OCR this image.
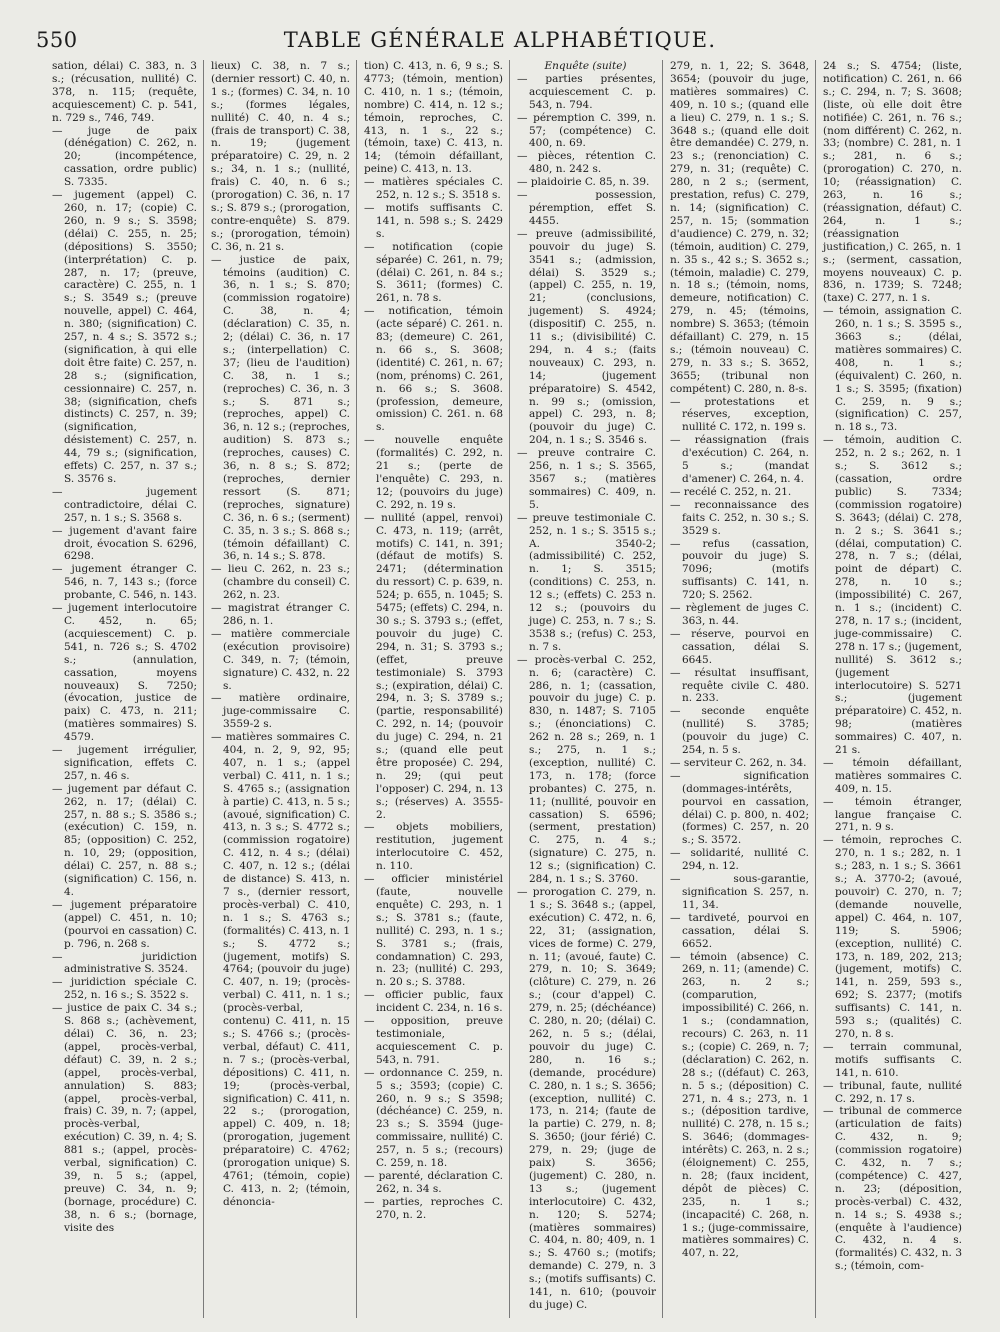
550	TABLE GÉNÉRALE ALPHABÉTIQUE.

sation, délai) C. 383, n. 3 s.; (récusation, nullité) C. 378, n. 115; (requête, acquiescement) C. p. 541, n. 729 s., 746, 749.

— juge de paix (dénégation) C. 262, n. 20; (incompétence, cassation, ordre public) S. 7335.

— jugement (appel) C. 260, n. 17; (copie) C. 260, n. 9 s.; S. 3598; (délai) C. 255, n. 25; (dépositions) S. 3550; (interprétation) C. p. 287, n. 17; (preuve, caractère) C. 255, n. 1 s.; S. 3549 s.; (preuve nouvelle, appel) C. 464, n. 380; (signification) C. 257, n. 4 s.; S. 3572 s.; (signification, à qui elle doit être faite) C. 257, n. 28 s.; (signification, cessionnaire) C. 257, n. 38; (signification, chefs distincts) C. 257, n. 39; (signification, désistement) C. 257, n. 44, 79 s.; (signification, effets) C. 257, n. 37 s.; S. 3576 s.

— jugement contradictoire, délai C. 257, n. 1 s.; S. 3568 s.

— jugement d'avant faire droit, évocation S. 6296, 6298.

— jugement étranger C. 546, n. 7, 143 s.; (force probante, C. 546, n. 143.

— jugement interlocutoire C. 452, n. 65; (acquiescement) C. p. 541, n. 726 s.; S. 4702 s.; (annulation, cassation, moyens nouveaux) S. 7250; (évocation, justice de paix) C. 473, n. 211; (matières sommaires) S. 4579.

— jugement irrégulier, signification, effets C. 257, n. 46 s.

— jugement par défaut C. 262, n. 17; (délai) C. 257, n. 88 s.; S. 3586 s.; (exécution) C. 159, n. 85; (opposition) C. 252, n. 10, 29; (opposition, délai) C. 257, n. 88 s.; (signification) C. 156, n. 4.

— jugement préparatoire (appel) C. 451, n. 10; (pourvoi en cassation) C. p. 796, n. 268 s.

— juridiction administrative S. 3524.

— juridiction spéciale C. 252, n. 16 s.; S. 3522 s.

— justice de paix C. 34 s.; S. 868 s.; (achèvement, délai) C. 36, n. 23; (appel, procès-verbal, défaut) C. 39, n. 2 s.; (appel, procès-verbal, annulation) S. 883; (appel, procès-verbal, frais) C. 39, n. 7; (appel, procès-verbal, exécution) C. 39, n. 4; S. 881 s.; (appel, procès-verbal, signification) C. 39, n. 5 s.; (appel, preuve) C. 34, n. 9; (bornage, procédure) C. 38, n. 6 s.; (bornage, visite des

lieux) C. 38, n. 7 s.; (dernier ressort) C. 40, n. 1 s.; (formes) C. 34, n. 10 s.; (formes légales, nullité) C. 40, n. 4 s.; (frais de transport) C. 38, n. 19; (jugement préparatoire) C. 29, n. 2 s.; 34, n. 1 s.; (nullité, frais) C. 40, n. 6 s.; (prorogation) C. 36, n. 17 s.; S. 879 s.; (prorogation, contre-enquête) S. 879. s.; (prorogation, témoin) C. 36, n. 21 s.

— justice de paix, témoins (audition) C. 36, n. 1 s.; S. 870; (commission rogatoire) C. 38, n. 4; (déclaration) C. 35, n. 2; (délai) C. 36, n. 17 s.; (interpellation) C. 37; (lieu de l'audition) C. 38, n. 1 s.; (reproches) C. 36, n. 3 s.; S. 871 s.; (reproches, appel) C. 36, n. 12 s.; (reproches, audition) S. 873 s.; (reproches, causes) C. 36, n. 8 s.; S. 872; (reproches, dernier ressort (S. 871; (reproches, signature) C. 36, n. 6 s.; (serment) C. 35, n. 3 s.; S. 868 s.; (témoin défaillant) C. 36, n. 14 s.; S. 878.

— lieu C. 262, n. 23 s.; (chambre du conseil) C. 262, n. 23.

— magistrat étranger C. 286, n. 1.

— matière commerciale (exécution provisoire) C. 349, n. 7; (témoin, signature) C. 432, n. 22 s.

— matière ordinaire, juge-commissaire C. 3559-2 s.

— matières sommaires C. 404, n. 2, 9, 92, 95; 407, n. 1 s.; (appel verbal) C. 411, n. 1 s.; S. 4765 s.; (assignation à partie) C. 413, n. 5 s.; (avoué, signification) C. 413, n. 3 s.; S. 4772 s.; (commission rogatoire) C. 412, n. 4 s.; (délai) C. 407, n. 12 s.; (délai de distance) S. 413, n. 7 s., (dernier ressort, procès-verbal) C. 410, n. 1 s.; S. 4763 s.; (formalités) C. 413, n. 1 s.; S. 4772 s.; (jugement, motifs) S. 4764; (pouvoir du juge) C. 407, n. 19; (procès-verbal) C. 411, n. 1 s.; (procès-verbal, contenu) C. 411, n. 15 s.; S. 4766 s.; (procès-verbal, défaut) C. 411, n. 7 s.; (procès-verbal, dépositions) C. 411, n. 19; (procès-verbal, signification) C. 411, n. 22 s.; (prorogation, appel) C. 409, n. 18; (prorogation, jugement préparatoire) C. 4762; (prorogation unique) S. 4761; (témoin, copie) C. 413, n. 2; (témoin, dénoncia-

tion) C. 413, n. 6, 9 s.; S. 4773; (témoin, mention) C. 410, n. 1 s.; (témoin, nombre) C. 414, n. 12 s.; témoin, reproches, C. 413, n. 1 s., 22 s.; (témoin, taxe) C. 413, n. 14; (témoin défaillant, peine) C. 413, n. 13.

— matières spéciales C. 252, n. 12 s.; S. 3518 s.

— motifs suffisants C. 141, n. 598 s.; S. 2429 s.

— notification (copie séparée) C. 261, n. 79; (délai) C. 261, n. 84 s.; S. 3611; (formes) C. 261, n. 78 s.

— notification, témoin (acte séparé) C. 261. n. 83; (demeure) C. 261, n. 66 s., S. 3608; (identité) C. 261, n. 67; (nom, prénoms) C. 261, n. 66 s.; S. 3608. (profession, demeure, omission) C. 261. n. 68 s.

— nouvelle enquête (formalités) C. 292, n. 21 s.; (perte de l'enquête) C. 293, n. 12; (pouvoirs du juge) C. 292, n. 19 s.

— nullité (appel, renvoi) C. 473, n. 119; (arrêt, motifs) C. 141, n. 391; (défaut de motifs) S. 2471; (détermination du ressort) C. p. 639, n. 524; p. 655, n. 1045; S. 5475; (effets) C. 294, n. 30 s.; S. 3793 s.; (effet, pouvoir du juge) C. 294, n. 31; S. 3793 s.; (effet, preuve testimoniale) S. 3793 s.; (expiration, délai) C. 294, n. 3; S. 3789 s.; (partie, responsabilité) C. 292, n. 14; (pouvoir du juge) C. 294, n. 21 s.; (quand elle peut être proposée) C. 294, n. 29; (qui peut l'opposer) C. 294, n. 13 s.; (réserves) A. 3555-2.

— objets mobiliers, restitution, jugement interlocutoire C. 452, n. 110.

— officier ministériel (faute, nouvelle enquête) C. 293, n. 1 s.; S. 3781 s.; (faute, nullité) C. 293, n. 1 s.; S. 3781 s.; (frais, condamnation) C. 293, n. 23; (nullité) C. 293, n. 20 s.; S. 3788.

— officier public, faux incident C. 234, n. 16 s.

— opposition, preuve testimoniale, acquiescement C. p. 543, n. 791.

— ordonnance C. 259, n. 5 s.; 3593; (copie) C. 260, n. 9 s.; S 3598; (déchéance) C. 259, n. 23 s.; S. 3594 (juge-commissaire, nullité) C. 257, n. 5 s.; (recours) C. 259, n. 18.

— parenté, déclaration C. 262, n. 34 s.

— parties, reproches C. 270, n. 2.

Enquête (suite)

— parties présentes, acquiescement C. p. 543, n. 794.

— péremption C. 399, n. 57; (compétence) C. 400, n. 69.

— pièces, rétention C. 480, n. 242 s.

— plaidoirie C. 85, n. 39.

— possession, péremption, effet S. 4455.

— preuve (admissibilité, pouvoir du juge) S. 3541 s.; (admission, délai) S. 3529 s.; (appel) C. 255, n. 19, 21; (conclusions, jugement) S. 4924; (dispositif) C. 255, n. 11 s.; (divisibilité) C. 294, n. 4 s.; (faits nouveaux) C. 293, n. 14; (jugement préparatoire) S. 4542, n. 99 s.; (omission, appel) C. 293, n. 8; (pouvoir du juge) C. 204, n. 1 s.; S. 3546 s.

— preuve contraire C. 256, n. 1 s.; S. 3565, 3567 s.; (matières sommaires) C. 409, n. 5.

— preuve testimoniale C. 252, n. 1 s.; S. 3515 s.; A. 3540-2; (admissibilité) C. 252, n. 1; S. 3515; (conditions) C. 253, n. 12 s.; (effets) C. 253 n. 12 s.; (pouvoirs du juge) C. 253, n. 7 s.; S. 3538 s.; (refus) C. 253, n. 7 s.

— procès-verbal C. 252, n. 6; (caractère) C. 286, n. 1; (cassation, pouvoir du juge) C. p. 830, n. 1487; S. 7105 s.; (énonciations) C. 262 n. 28 s.; 269, n. 1 s.; 275, n. 1 s.; (exception, nullité) C. 173, n. 178; (force probantes) C. 275, n. 11; (nullité, pouvoir en cassation) S. 6596; (serment, prestation) C. 275, n. 4 s.; (signature) C. 275, n. 12 s.; (signification) C. 284, n. 1 s.; S. 3760.

— prorogation C. 279, n. 1 s.; S. 3648 s.; (appel, exécution) C. 472, n. 6, 22, 31; (assignation, vices de forme) C. 279, n. 11; (avoué, faute) C. 279, n. 10; S. 3649; (clôture) C. 279, n. 26 s.; (cour d'appel) C. 279, n. 25; (déchéance) C. 280, n. 20; (délai) C. 262, n. 5 s.; (délai, pouvoir du juge) C. 280, n. 16 s.; (demande, procédure) C. 280, n. 1 s.; S. 3656; (exception, nullité) C. 173, n. 214; (faute de la partie) C. 279, n. 8; S. 3650; (jour férié) C. 279, n. 29; (juge de paix) S. 3656; (jugement) C. 280, n. 13 s.; (jugement interlocutoire) C. 432, n. 120; S. 5274; (matières sommaires) C. 404, n. 80; 409, n. 1 s.; S. 4760 s.; (motifs; demande) C. 279, n. 3 s.; (motifs suffisants) C. 141, n. 610; (pouvoir du juge) C.

279, n. 1, 22; S. 3648, 3654; (pouvoir du juge, matières sommaires) C. 409, n. 10 s.; (quand elle a lieu) C. 279, n. 1 s.; S. 3648 s.; (quand elle doit être demandée) C. 279, n. 23 s.; (renonciation) C. 279, n. 31; (requête) C. 280, n 2 s.; (serment, prestation, refus) C. 279, n. 14; (signification) C. 257, n. 15; (sommation d'audience) C. 279, n. 32; (témoin, audition) C. 279, n. 35 s., 42 s.; S. 3652 s.; (témoin, maladie) C. 279, n. 18 s.; (témoin, noms, demeure, notification) C. 279, n. 45; (témoins, nombre) S. 3653; (témoin défaillant) C. 279, n. 15 s.; (témoin nouveau) C. 279, n. 33 s.; S. 3652, 3655; (tribunal non compétent) C. 280, n. 8-s.

— protestations et réserves, exception, nullité C. 172, n. 199 s.

— réassignation (frais d'exécution) C. 264, n. 5 s.; (mandat d'amener) C. 264, n. 4.

— recélé C. 252, n. 21.

— reconnaissance des faits C. 252, n. 30 s.; S. 3529 s.

— refus (cassation, pouvoir du juge) S. 7096; (motifs suffisants) C. 141, n. 720; S. 2562.

— règlement de juges C. 363, n. 44.

— réserve, pourvoi en cassation, délai S. 6645.

— résultat insuffisant, requête civile C. 480. n. 233.

— seconde enquête (nullité) S. 3785; (pouvoir du juge) C. 254, n. 5 s.

— serviteur C. 262, n. 34.

— signification (dommages-intérêts, pourvoi en cassation, délai) C. p. 800, n. 402; (formes) C. 257, n. 20 s.; S. 3572.

— solidarité, nullité C. 294, n. 12.

— sous-garantie, signification S. 257, n. 11, 34.

— tardiveté, pourvoi en cassation, délai S. 6652.

— témoin (absence) C. 269, n. 11; (amende) C. 263, n. 2 s.; (comparution, impossibilité) C. 266, n. 1 s.; (condamnation, recours) C. 263, n. 11 s.; (copie) C. 269, n. 7; (déclaration) C. 262, n. 28 s.; ((défaut) C. 263, n. 5 s.; (déposition) C. 271, n. 4 s.; 273, n. 1 s.; (déposition tardive, nullité) C. 278, n. 15 s.; S. 3646; (dommages-intérêts) C. 263, n. 2 s.; (éloignement) C. 255, n. 28; (faux incident, dépôt de pièces) C. 235, n. 1 s.; (incapacité) C. 268, n. 1 s.; (juge-commissaire, matières sommaires) C. 407, n. 22,

24 s.; S. 4754; (liste, notification) C. 261, n. 66 s.; C. 294, n. 7; S. 3608; (liste, où elle doit être notifiée) C. 261, n. 76 s.; (nom différent) C. 262, n. 33; (nombre) C. 281, n. 1 s.; 281, n. 6 s.; (prorogation) C. 270, n. 10; (réassignation) C. 263, n. 16 s.; (réassignation, défaut) C. 264, n. 1 s.; (réassignation justification,) C. 265, n. 1 s.; (serment, cassation, moyens nouveaux) C. p. 836, n. 1739; S. 7248; (taxe) C. 277, n. 1 s.

— témoin, assignation C. 260, n. 1 s.; S. 3595 s., 3663 s.; (délai, matières sommaires) C. 408, n. 1 s.; (équivalent) C. 260, n. 1 s.; S. 3595; (fixation) C. 259, n. 9 s.; (signification) C. 257, n. 18 s., 73.

— témoin, audition C. 252, n. 2 s.; 262, n. 1 s.; S. 3612 s.; (cassation, ordre public) S. 7334; (commission rogatoire) S. 3643; (délai) C. 278, n. 2 s.; S. 3641 s.; (délai, computation) C. 278, n. 7 s.; (délai, point de départ) C. 278, n. 10 s.; (impossibilité) C. 267, n. 1 s.; (incident) C. 278, n. 17 s.; (incident, juge-commissaire) C. 278 n. 17 s.; (jugement, nullité) S. 3612 s.; (jugement interlocutoire) S. 5271 s.; (jugement préparatoire) C. 452, n. 98; (matières sommaires) C. 407, n. 21 s.

— témoin défaillant, matières sommaires C. 409, n. 15.

— témoin étranger, langue française C. 271, n. 9 s.

— témoin, reproches C. 270, n. 1 s.; 282, n. 1 s.; 283, n. 1 s.; S. 3661 s.; A. 3770-2; (avoué, pouvoir) C. 270, n. 7; (demande nouvelle, appel) C. 464, n. 107, 119; S. 5906; (exception, nullité) C. 173, n. 189, 202, 213; (jugement, motifs) C. 141, n. 259, 593 s., 692; S. 2377; (motifs suffisants) C. 141, n. 593 s.; (qualités) C. 270, n. 8 s.

— terrain communal, motifs suffisants C. 141, n. 610.

— tribunal, faute, nullité C. 292, n. 17 s.

— tribunal de commerce (articulation de faits) C. 432, n. 9; (commission rogatoire) C. 432, n. 7 s.; (compétence) C. 427, n. 23; (déposition, procès-verbal) C. 432, n. 14 s.; S. 4938 s.; (enquête à l'audience) C. 432, n. 4 s. (formalités) C. 432, n. 3 s.; (témoin, com-
